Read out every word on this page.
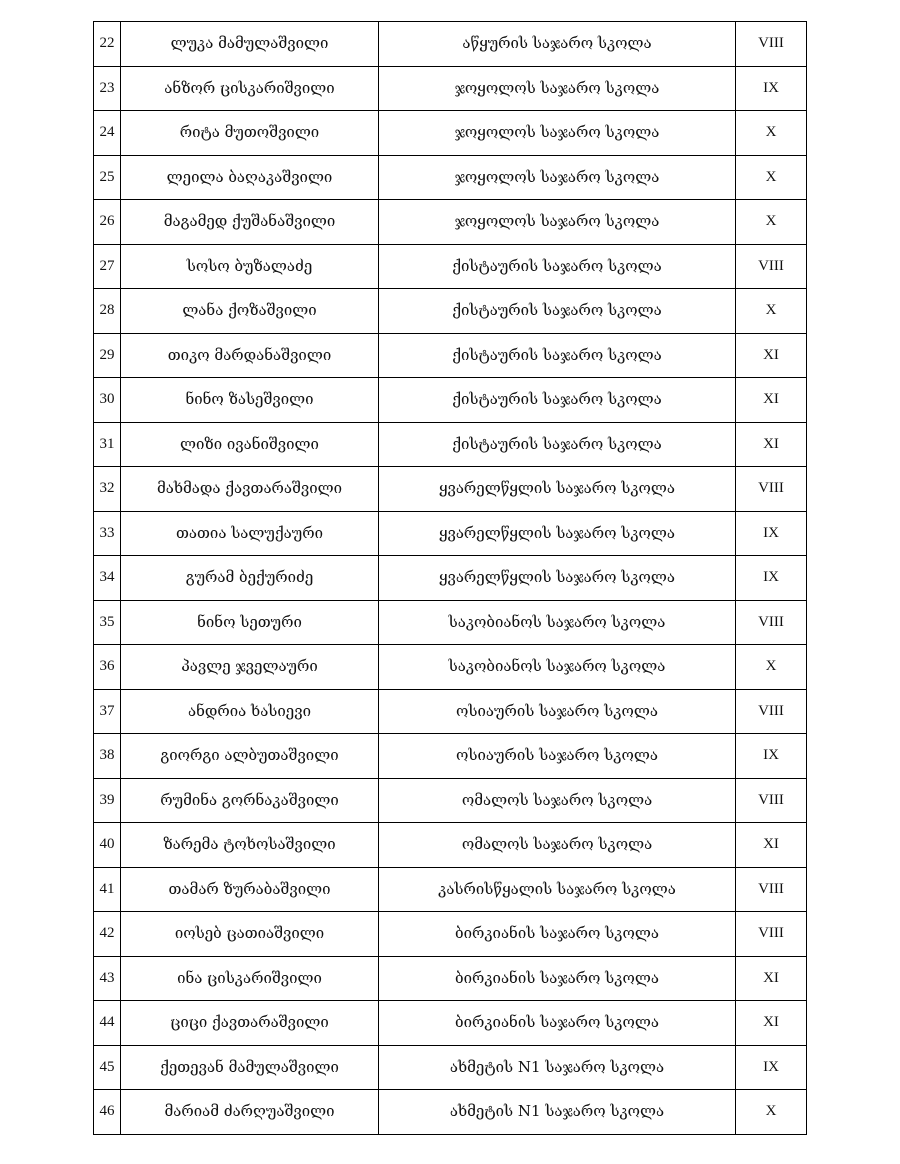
22	ლუკა მამულაშვილი	აწყურის საჯარო სკოლა	VIII
23	ანზორ ცისკარიშვილი	ჯოყოლოს საჯარო სკოლა	IX
24	რიტა მუთოშვილი	ჯოყოლოს საჯარო სკოლა	X
25	ლეილა ბაღაკაშვილი	ჯოყოლოს საჯარო სკოლა	X
26	მაგამედ ქუშანაშვილი	ჯოყოლოს საჯარო სკოლა	X
27	სოსო ბუზალაძე	ქისტაურის საჯარო სკოლა	VIII
28	ლანა ქოზაშვილი	ქისტაურის საჯარო სკოლა	X
29	თიკო მარდანაშვილი	ქისტაურის საჯარო სკოლა	XI
30	ნინო ზასეშვილი	ქისტაურის საჯარო სკოლა	XI
31	ლიზი ივანიშვილი	ქისტაურის საჯარო სკოლა	XI
32	მახმადა ქავთარაშვილი	ყვარელწყლის საჯარო სკოლა	VIII
33	თათია სალუქაური	ყვარელწყლის საჯარო სკოლა	IX
34	გურამ ბექურიძე	ყვარელწყლის საჯარო სკოლა	IX
35	ნინო სეთური	საკობიანოს საჯარო სკოლა	VIII
36	პავლე ჯველაური	საკობიანოს საჯარო სკოლა	X
37	ანდრია ხასიევი	ოსიაურის საჯარო სკოლა	VIII
38	გიორგი ალბუთაშვილი	ოსიაურის საჯარო სკოლა	IX
39	რუმინა გორნაკაშვილი	ომალოს საჯარო სკოლა	VIII
40	ზარემა ტოხოსაშვილი	ომალოს საჯარო სკოლა	XI
41	თამარ ზურაბაშვილი	კასრისწყალის საჯარო სკოლა	VIII
42	იოსებ ცათიაშვილი	ბირკიანის საჯარო სკოლა	VIII
43	ინა ცისკარიშვილი	ბირკიანის საჯარო სკოლა	XI
44	ციცი ქავთარაშვილი	ბირკიანის საჯარო სკოლა	XI
45	ქეთევან მამულაშვილი	ახმეტის N1 საჯარო სკოლა	IX
46	მარიამ ძარღუაშვილი	ახმეტის N1 საჯარო სკოლა	X
